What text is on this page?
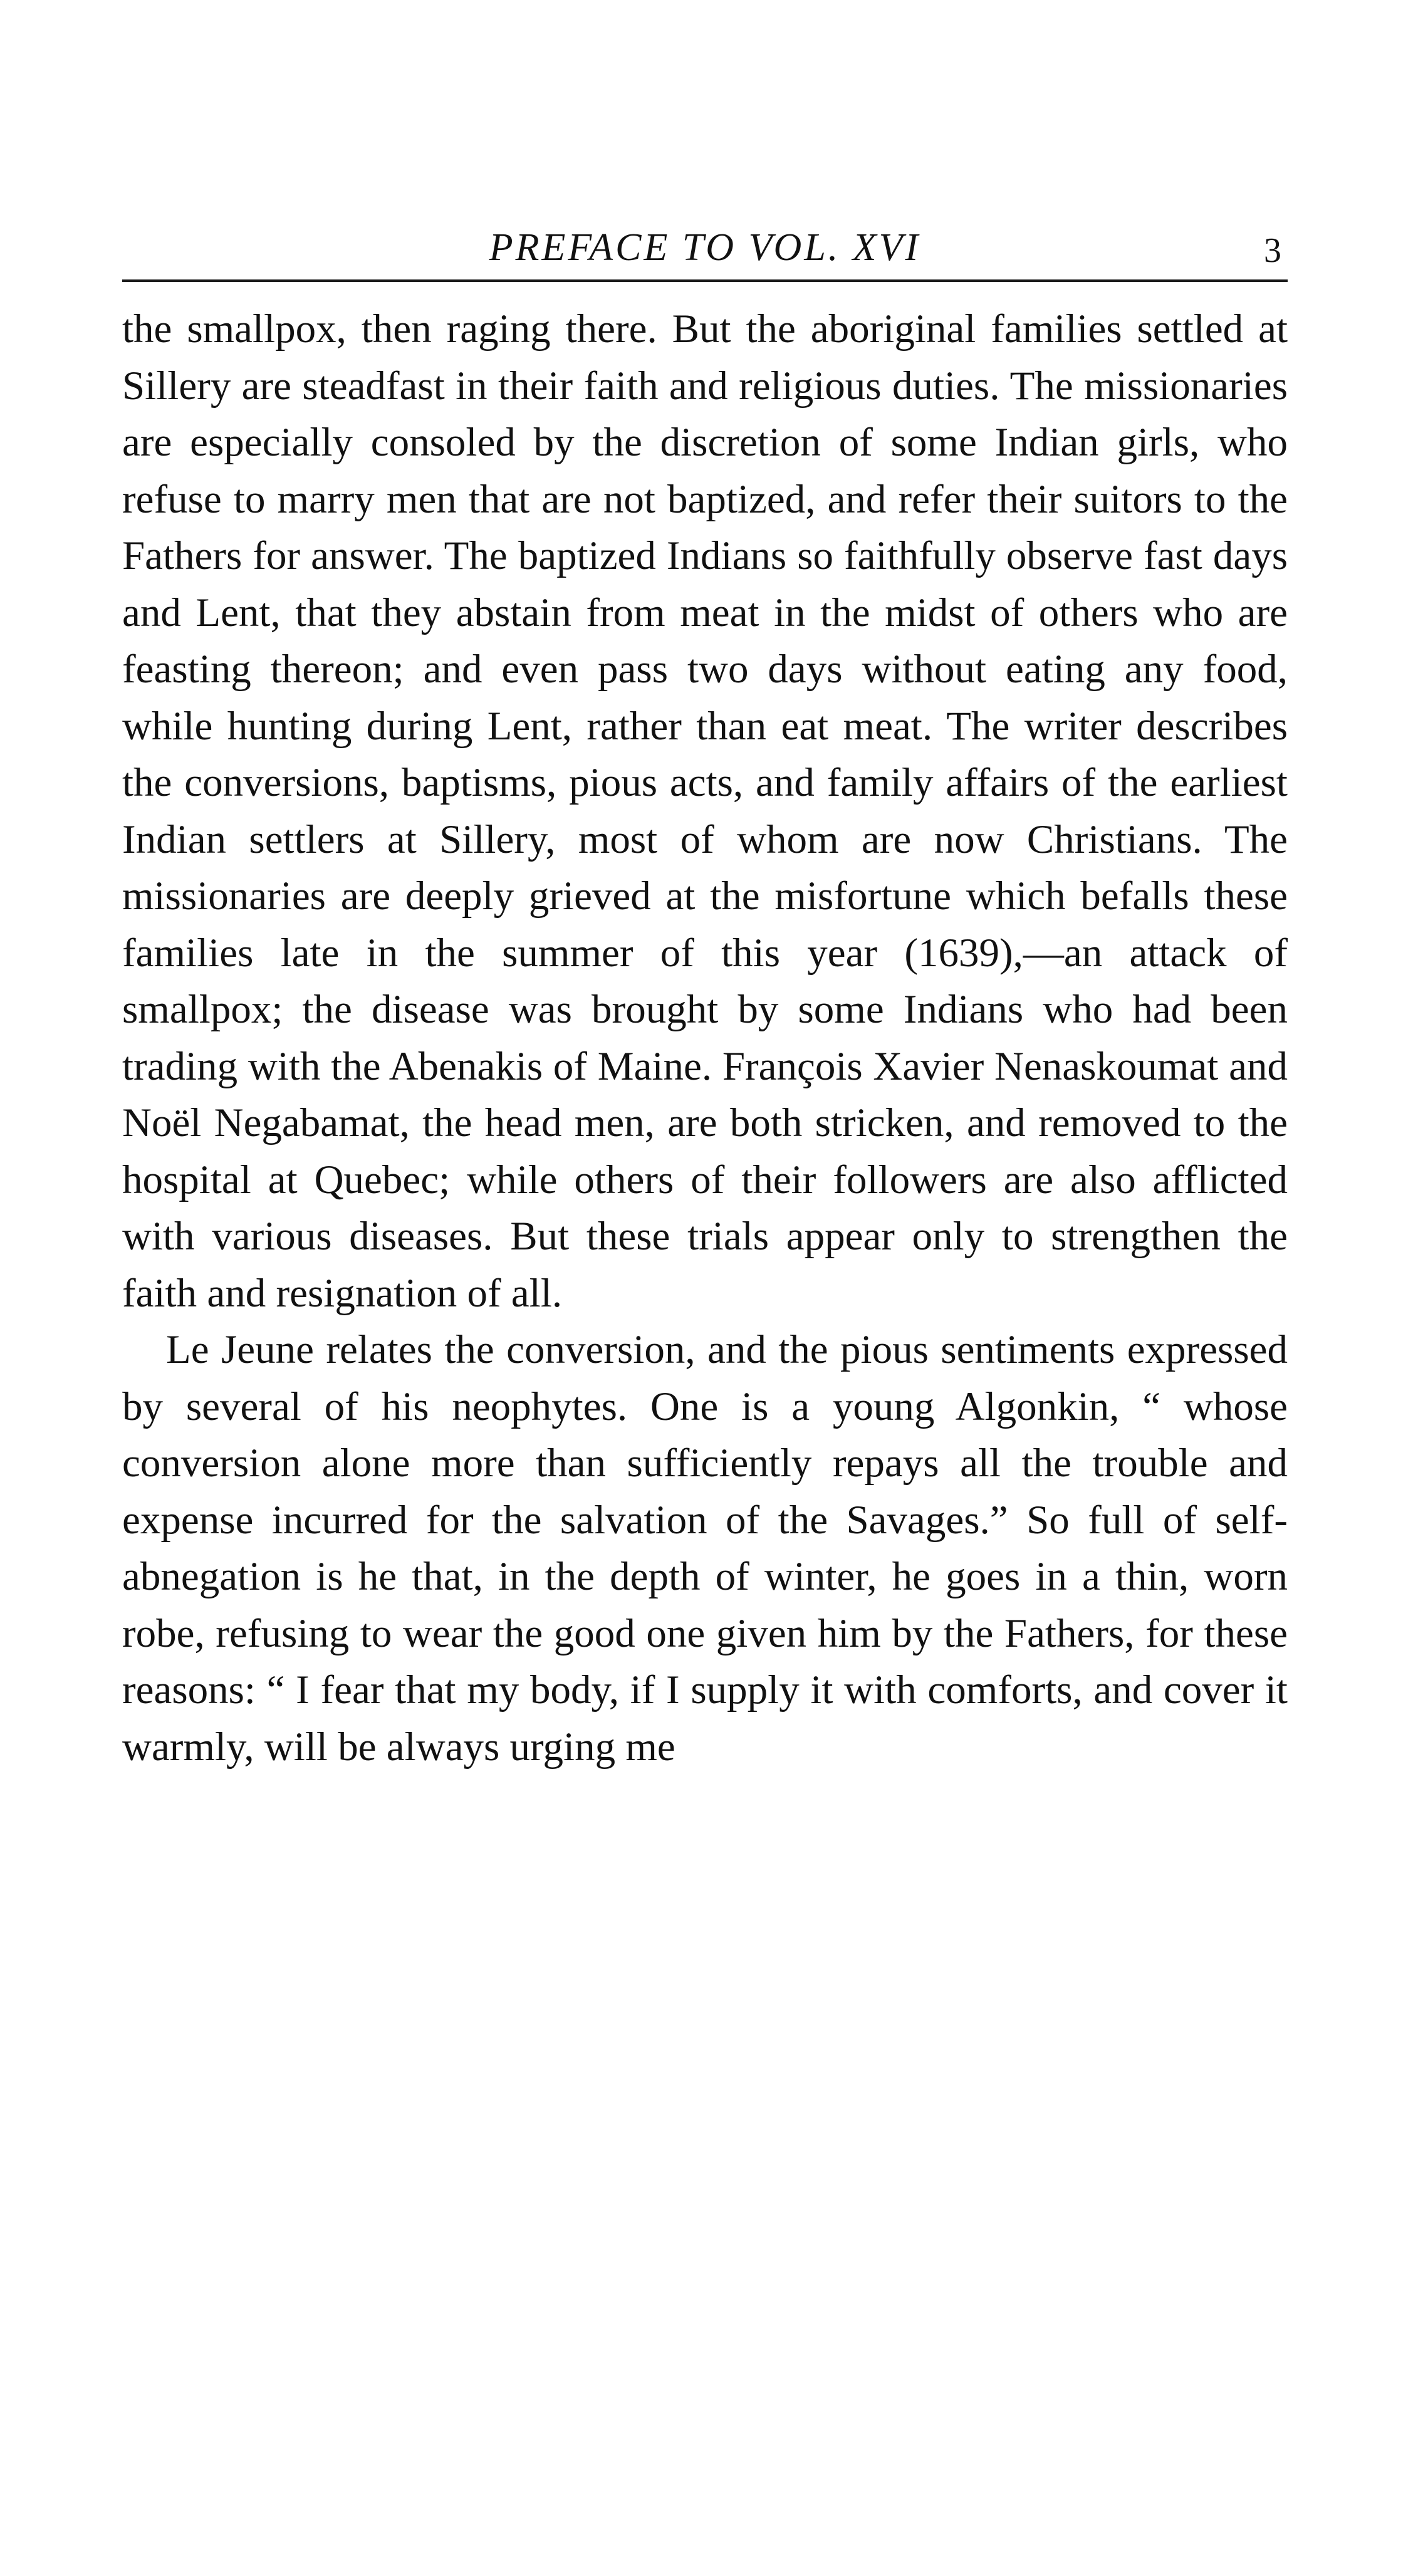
PREFACE TO VOL. XVI	3

the smallpox, then raging there. But the aboriginal families settled at Sillery are steadfast in their faith and religious duties. The missionaries are especially consoled by the discretion of some Indian girls, who refuse to marry men that are not baptized, and refer their suitors to the Fathers for answer. The baptized Indians so faithfully observe fast days and Lent, that they abstain from meat in the midst of others who are feasting thereon; and even pass two days without eating any food, while hunting during Lent, rather than eat meat. The writer describes the conversions, baptisms, pious acts, and family affairs of the earliest Indian settlers at Sillery, most of whom are now Christians. The missionaries are deeply grieved at the misfortune which befalls these families late in the summer of this year (1639),—an attack of smallpox; the disease was brought by some Indians who had been trading with the Abenakis of Maine. François Xavier Nenaskoumat and Noël Negabamat, the head men, are both stricken, and removed to the hospital at Quebec; while others of their followers are also afflicted with various diseases. But these trials appear only to strengthen the faith and resignation of all.

Le Jeune relates the conversion, and the pious sentiments expressed by several of his neophytes. One is a young Algonkin, “ whose conversion alone more than sufficiently repays all the trouble and expense incurred for the salvation of the Savages.” So full of self-abnegation is he that, in the depth of winter, he goes in a thin, worn robe, refusing to wear the good one given him by the Fathers, for these reasons: “ I fear that my body, if I supply it with comforts, and cover it warmly, will be always urging me
